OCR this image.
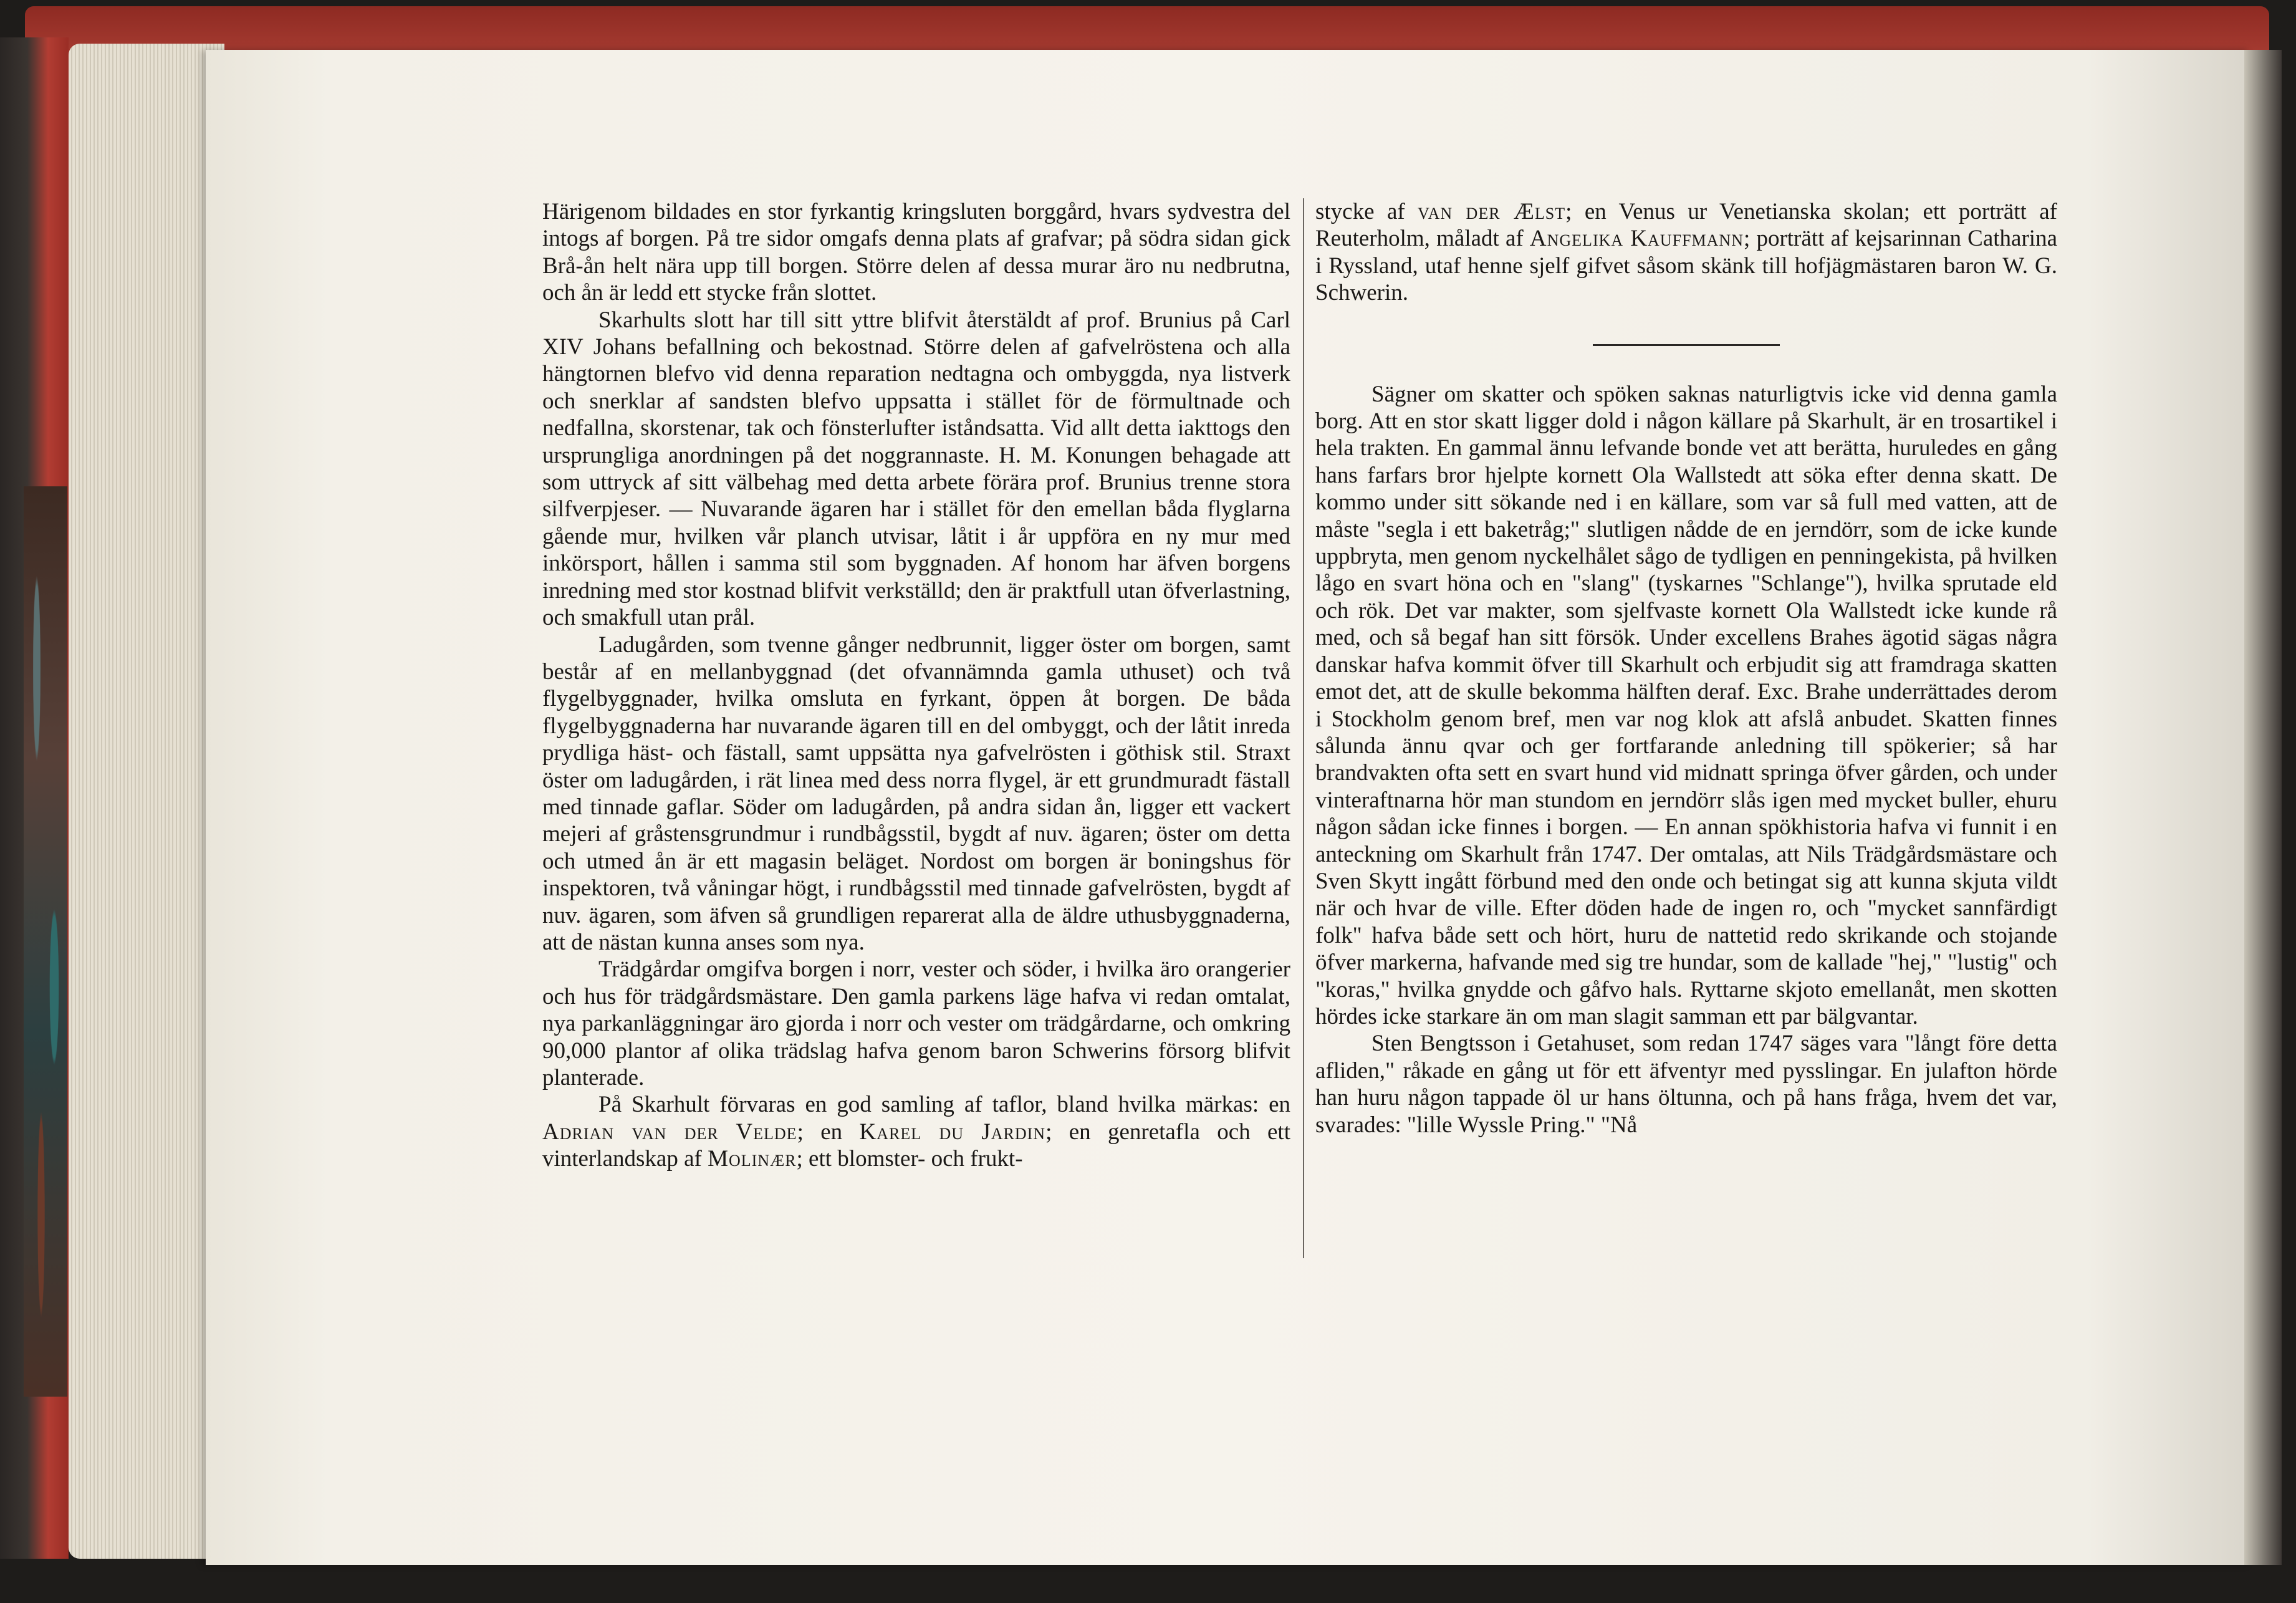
Härigenom bildades en stor fyrkantig kringsluten borggård, hvars sydvestra del intogs af borgen. På tre sidor omgafs denna plats af grafvar; på södra sidan gick Brå-ån helt nära upp till borgen. Större delen af dessa murar äro nu nedbrutna, och ån är ledd ett stycke från slottet.

Skarhults slott har till sitt yttre blifvit återstäldt af prof. Brunius på Carl XIV Johans befallning och bekostnad. Större delen af gafvelröstena och alla hängtornen blefvo vid denna reparation nedtagna och ombyggda, nya listverk och snerklar af sandsten blefvo uppsatta i stället för de förmultnade och nedfallna, skorstenar, tak och fönsterlufter iståndsatta. Vid allt detta iakttogs den ursprungliga anordningen på det noggrannaste. H. M. Konungen behagade att som uttryck af sitt välbehag med detta arbete förära prof. Brunius trenne stora silfverpjeser. — Nuvarande ägaren har i stället för den emellan båda flyglarna gående mur, hvilken vår planch utvisar, låtit i år uppföra en ny mur med inkörsport, hållen i samma stil som byggnaden. Af honom har äfven borgens inredning med stor kostnad blifvit verkställd; den är praktfull utan öfverlastning, och smakfull utan prål.

Ladugården, som tvenne gånger nedbrunnit, ligger öster om borgen, samt består af en mellanbyggnad (det ofvannämnda gamla uthuset) och två flygelbyggnader, hvilka omsluta en fyrkant, öppen åt borgen. De båda flygelbyggnaderna har nuvarande ägaren till en del ombyggt, och der låtit inreda prydliga häst- och fästall, samt uppsätta nya gafvelrösten i göthisk stil. Straxt öster om ladugården, i rät linea med dess norra flygel, är ett grundmuradt fästall med tinnade gaflar. Söder om ladugården, på andra sidan ån, ligger ett vackert mejeri af gråstensgrundmur i rundbågsstil, bygdt af nuv. ägaren; öster om detta och utmed ån är ett magasin beläget. Nordost om borgen är boningshus för inspektoren, två våningar högt, i rundbågsstil med tinnade gafvelrösten, bygdt af nuv. ägaren, som äfven så grundligen reparerat alla de äldre uthusbyggnaderna, att de nästan kunna anses som nya.

Trädgårdar omgifva borgen i norr, vester och söder, i hvilka äro orangerier och hus för trädgårdsmästare. Den gamla parkens läge hafva vi redan omtalat, nya parkanläggningar äro gjorda i norr och vester om trädgårdarne, och omkring 90,000 plantor af olika trädslag hafva genom baron Schwerins försorg blifvit planterade.

På Skarhult förvaras en god samling af taflor, bland hvilka märkas: en Adrian van der Velde; en Karel du Jardin; en genretafla och ett vinterlandskap af Molinær; ett blomster- och frukt-

stycke af van der Ælst; en Venus ur Venetianska skolan; ett porträtt af Reuterholm, måladt af Angelika Kauffmann; porträtt af kejsarinnan Catharina i Ryssland, utaf henne sjelf gifvet såsom skänk till hofjägmästaren baron W. G. Schwerin.

Sägner om skatter och spöken saknas naturligtvis icke vid denna gamla borg. Att en stor skatt ligger dold i någon källare på Skarhult, är en trosartikel i hela trakten. En gammal ännu lefvande bonde vet att berätta, huruledes en gång hans farfars bror hjelpte kornett Ola Wallstedt att söka efter denna skatt. De kommo under sitt sökande ned i en källare, som var så full med vatten, att de måste "segla i ett baketråg;" slutligen nådde de en jerndörr, som de icke kunde uppbryta, men genom nyckelhålet sågo de tydligen en penningekista, på hvilken lågo en svart höna och en "slang" (tyskarnes "Schlange"), hvilka sprutade eld och rök. Det var makter, som sjelfvaste kornett Ola Wallstedt icke kunde rå med, och så begaf han sitt försök. Under excellens Brahes ägotid sägas några danskar hafva kommit öfver till Skarhult och erbjudit sig att framdraga skatten emot det, att de skulle bekomma hälften deraf. Exc. Brahe underrättades derom i Stockholm genom bref, men var nog klok att afslå anbudet. Skatten finnes sålunda ännu qvar och ger fortfarande anledning till spökerier; så har brandvakten ofta sett en svart hund vid midnatt springa öfver gården, och under vinteraftnarna hör man stundom en jerndörr slås igen med mycket buller, ehuru någon sådan icke finnes i borgen. — En annan spökhistoria hafva vi funnit i en anteckning om Skarhult från 1747. Der omtalas, att Nils Trädgårdsmästare och Sven Skytt ingått förbund med den onde och betingat sig att kunna skjuta vildt när och hvar de ville. Efter döden hade de ingen ro, och "mycket sannfärdigt folk" hafva både sett och hört, huru de nattetid redo skrikande och stojande öfver markerna, hafvande med sig tre hundar, som de kallade "hej," "lustig" och "koras," hvilka gnydde och gåfvo hals. Ryttarne skjoto emellanåt, men skotten hördes icke starkare än om man slagit samman ett par bälgvantar.

Sten Bengtsson i Getahuset, som redan 1747 säges vara "långt före detta afliden," råkade en gång ut för ett äfventyr med pysslingar. En julafton hörde han huru någon tappade öl ur hans öltunna, och på hans fråga, hvem det var, svarades: "lille Wyssle Pring." "Nå
